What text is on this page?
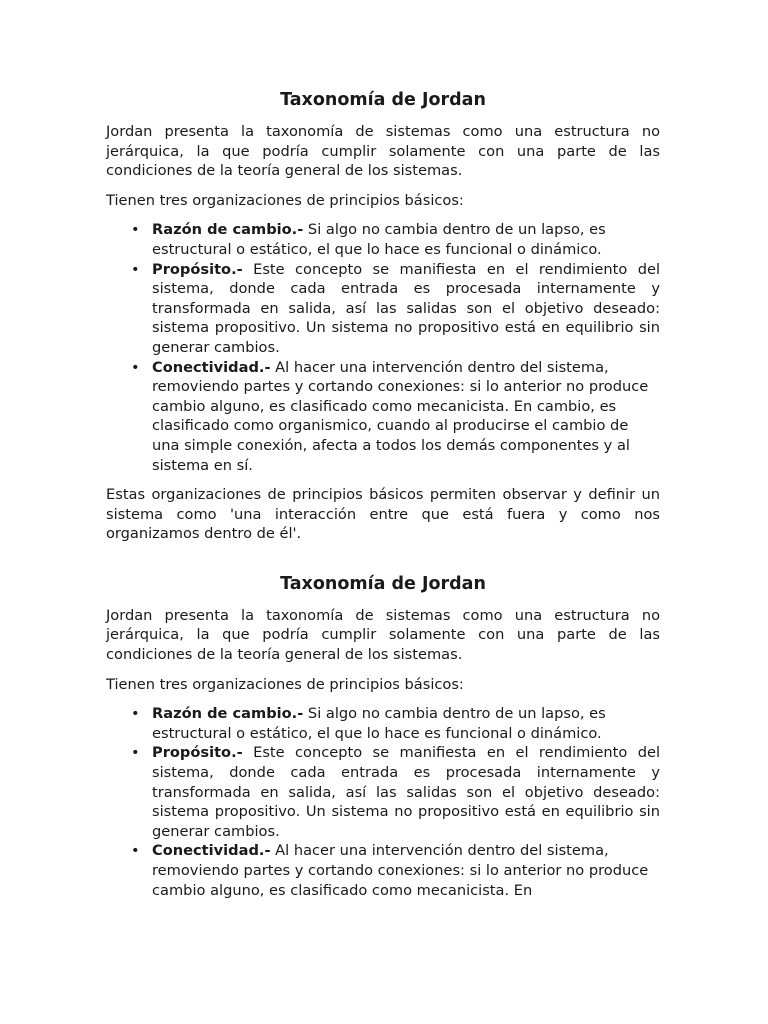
Taxonomía de Jordan

Jordan presenta la taxonomía de sistemas como una estructura no jerárquica, la que podría cumplir solamente con una parte de las condiciones de la teoría general de los sistemas.

Tienen tres organizaciones de principios básicos:

• Razón de cambio.- Si algo no cambia dentro de un lapso, es estructural o estático, el que lo hace es funcional o dinámico.
• Propósito.- Este concepto se manifiesta en el rendimiento del sistema, donde cada entrada es procesada internamente y transformada en salida, así las salidas son el objetivo deseado: sistema propositivo. Un sistema no propositivo está en equilibrio sin generar cambios.
• Conectividad.- Al hacer una intervención dentro del sistema, removiendo partes y cortando conexiones: si lo anterior no produce cambio alguno, es clasificado como mecanicista. En cambio, es clasificado como organismico, cuando al producirse el cambio de una simple conexión, afecta a todos los demás componentes y al sistema en sí.

Estas organizaciones de principios básicos permiten observar y definir un sistema como 'una interacción entre que está fuera y como nos organizamos dentro de él'.

Taxonomía de Jordan

Jordan presenta la taxonomía de sistemas como una estructura no jerárquica, la que podría cumplir solamente con una parte de las condiciones de la teoría general de los sistemas.

Tienen tres organizaciones de principios básicos:

• Razón de cambio.- Si algo no cambia dentro de un lapso, es estructural o estático, el que lo hace es funcional o dinámico.
• Propósito.- Este concepto se manifiesta en el rendimiento del sistema, donde cada entrada es procesada internamente y transformada en salida, así las salidas son el objetivo deseado: sistema propositivo. Un sistema no propositivo está en equilibrio sin generar cambios.
• Conectividad.- Al hacer una intervención dentro del sistema, removiendo partes y cortando conexiones: si lo anterior no produce cambio alguno, es clasificado como mecanicista. En
